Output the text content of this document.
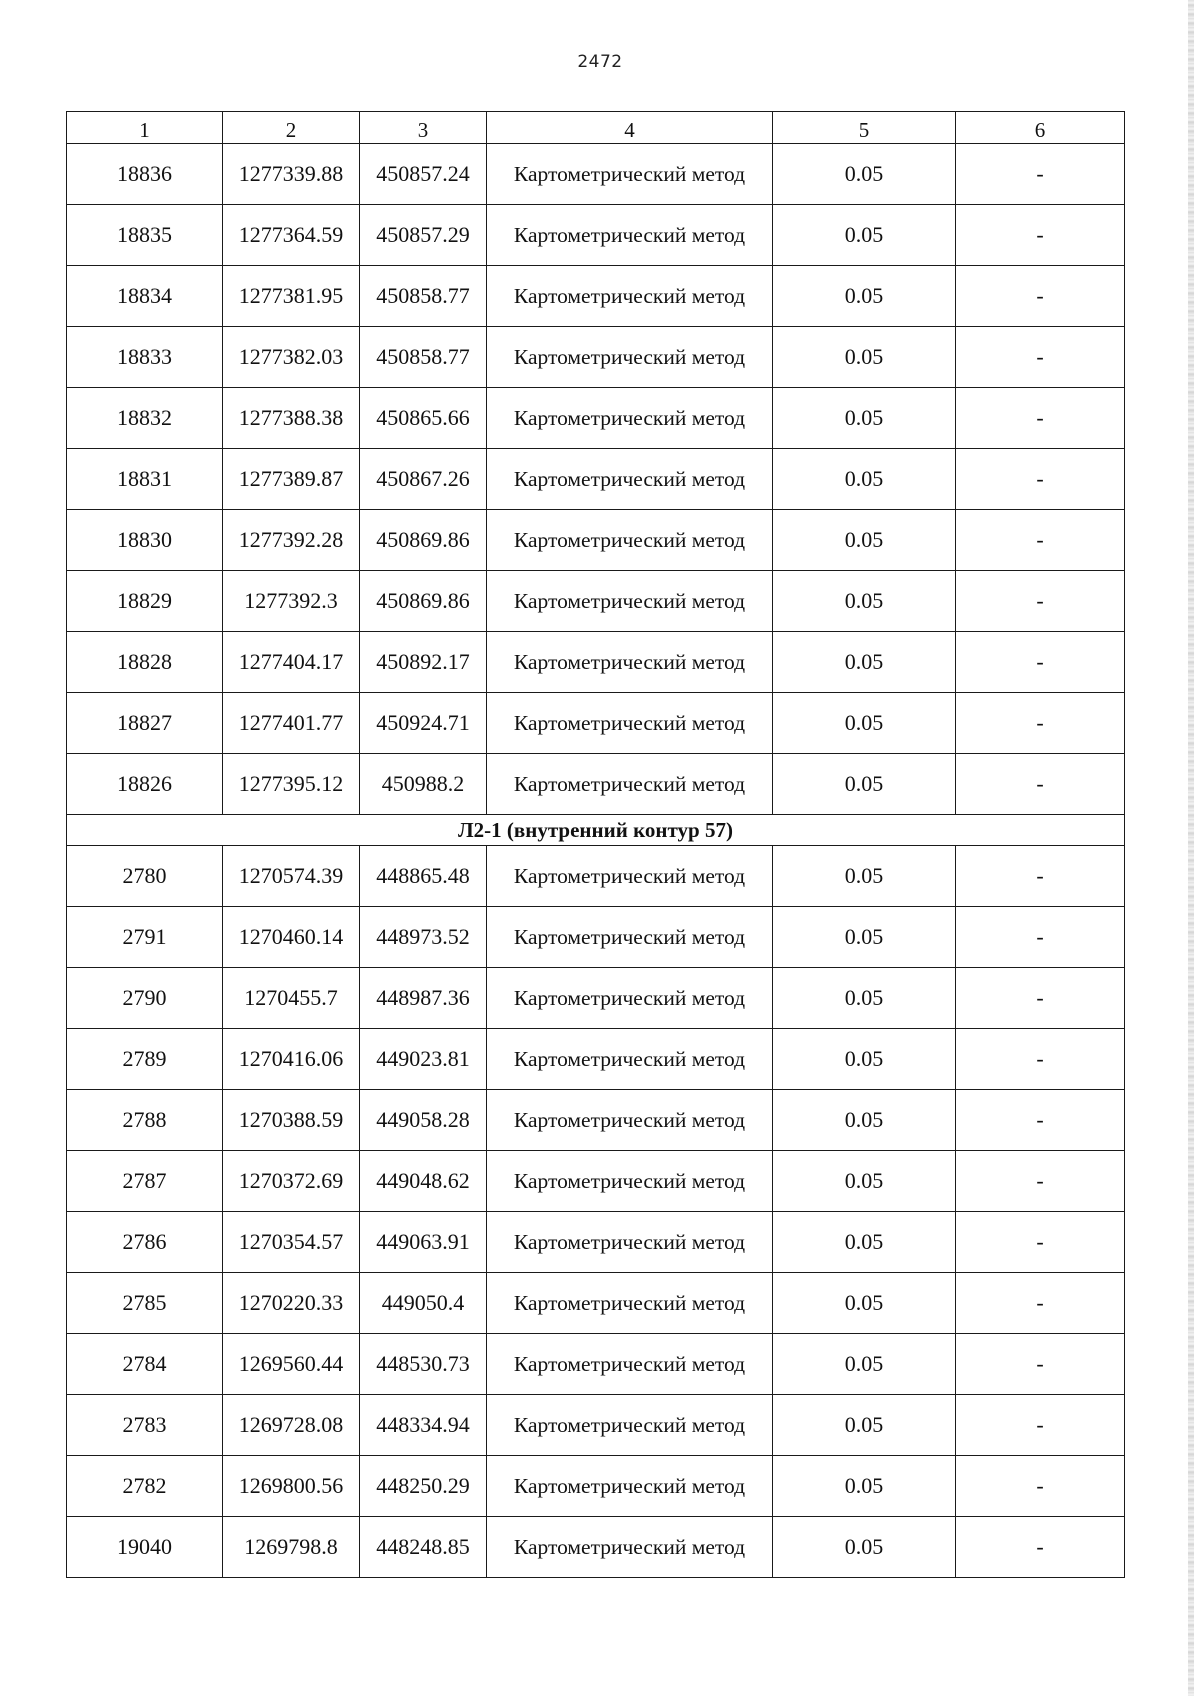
2472
1	2	3	4	5	6
18836	1277339.88	450857.24	Картометрический метод	0.05	-
18835	1277364.59	450857.29	Картометрический метод	0.05	-
18834	1277381.95	450858.77	Картометрический метод	0.05	-
18833	1277382.03	450858.77	Картометрический метод	0.05	-
18832	1277388.38	450865.66	Картометрический метод	0.05	-
18831	1277389.87	450867.26	Картометрический метод	0.05	-
18830	1277392.28	450869.86	Картометрический метод	0.05	-
18829	1277392.3	450869.86	Картометрический метод	0.05	-
18828	1277404.17	450892.17	Картометрический метод	0.05	-
18827	1277401.77	450924.71	Картометрический метод	0.05	-
18826	1277395.12	450988.2	Картометрический метод	0.05	-
Л2-1 (внутренний контур 57)					
2780	1270574.39	448865.48	Картометрический метод	0.05	-
2791	1270460.14	448973.52	Картометрический метод	0.05	-
2790	1270455.7	448987.36	Картометрический метод	0.05	-
2789	1270416.06	449023.81	Картометрический метод	0.05	-
2788	1270388.59	449058.28	Картометрический метод	0.05	-
2787	1270372.69	449048.62	Картометрический метод	0.05	-
2786	1270354.57	449063.91	Картометрический метод	0.05	-
2785	1270220.33	449050.4	Картометрический метод	0.05	-
2784	1269560.44	448530.73	Картометрический метод	0.05	-
2783	1269728.08	448334.94	Картометрический метод	0.05	-
2782	1269800.56	448250.29	Картометрический метод	0.05	-
19040	1269798.8	448248.85	Картометрический метод	0.05	-
